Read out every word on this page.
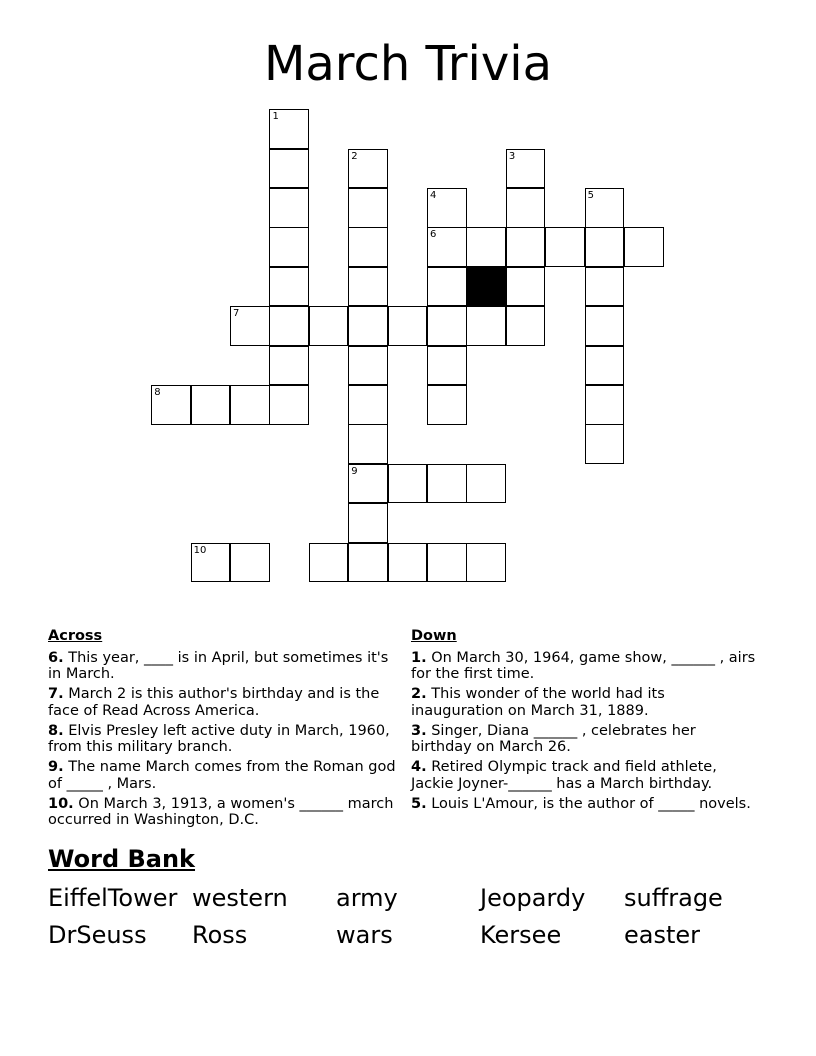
March Trivia
1
2
9
3
4
6
5
7
8
10
Across
6. This year, ____ is in April, but sometimes it's in March.
7. March 2 is this author's birthday and is the face of Read Across America.
8. Elvis Presley left active duty in March, 1960, from this military branch.
9. The name March comes from the Roman god of _____ , Mars.
10. On March 3, 1913, a women's ______ march occurred in Washington, D.C.
Down
1. On March 30, 1964, game show, ______ , airs for the first time.
2. This wonder of the world had its inauguration on March 31, 1889.
3. Singer, Diana ______ , celebrates her birthday on March 26.
4. Retired Olympic track and field athlete, Jackie Joyner-______ has a March birthday.
5. Louis L'Amour, is the author of _____ novels.
Word Bank
EiffelTower western army	Jeopardy suffrage
DrSeuss Ross	wars	Kersee	easter
